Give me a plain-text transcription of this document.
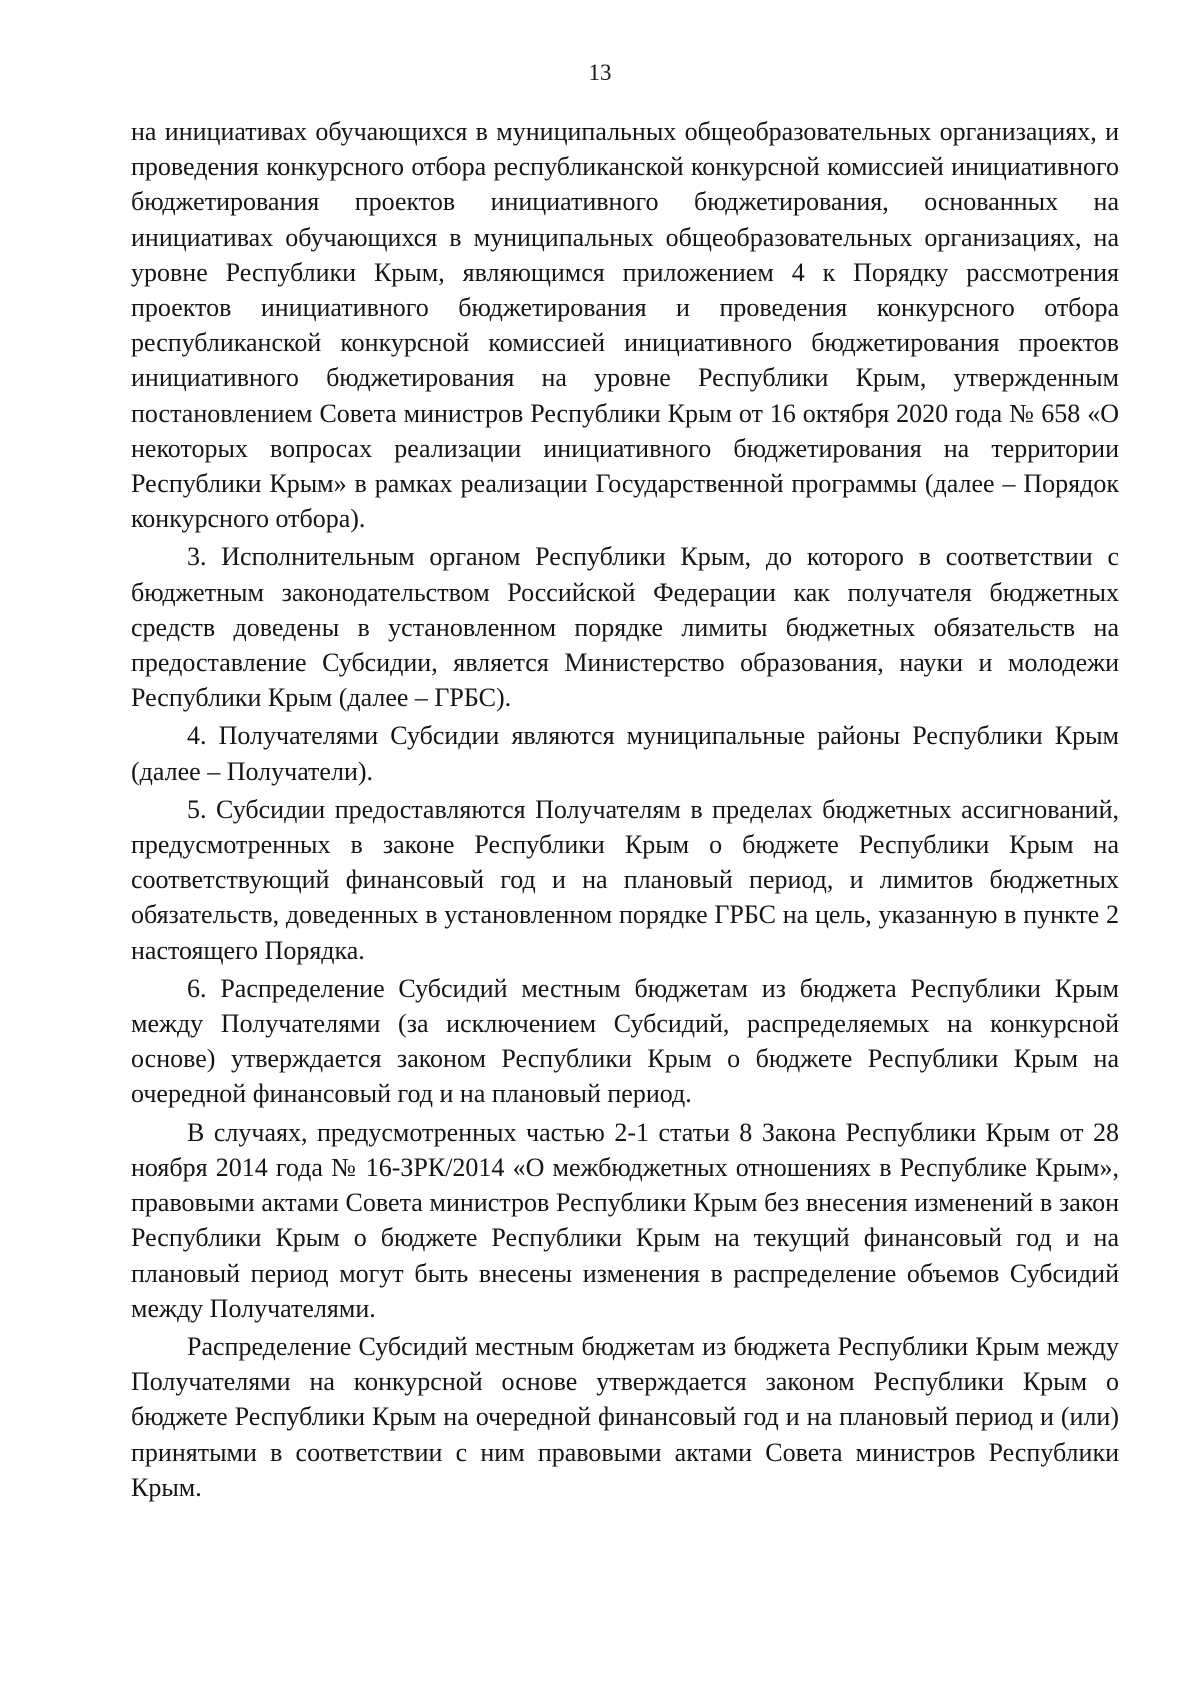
13

на инициативах обучающихся в муниципальных общеобразовательных организациях, и проведения конкурсного отбора республиканской конкурсной комиссией инициативного бюджетирования проектов инициативного бюджетирования, основанных на инициативах обучающихся в муниципальных общеобразовательных организациях, на уровне Республики Крым, являющимся приложением 4 к Порядку рассмотрения проектов инициативного бюджетирования и проведения конкурсного отбора республиканской конкурсной комиссией инициативного бюджетирования проектов инициативного бюджетирования на уровне Республики Крым, утвержденным постановлением Совета министров Республики Крым от 16 октября 2020 года № 658 «О некоторых вопросах реализации инициативного бюджетирования на территории Республики Крым» в рамках реализации Государственной программы (далее – Порядок конкурсного отбора).

3. Исполнительным органом Республики Крым, до которого в соответствии с бюджетным законодательством Российской Федерации как получателя бюджетных средств доведены в установленном порядке лимиты бюджетных обязательств на предоставление Субсидии, является Министерство образования, науки и молодежи Республики Крым (далее – ГРБС).

4. Получателями Субсидии являются муниципальные районы Республики Крым (далее – Получатели).

5. Субсидии предоставляются Получателям в пределах бюджетных ассигнований, предусмотренных в законе Республики Крым о бюджете Республики Крым на соответствующий финансовый год и на плановый период, и лимитов бюджетных обязательств, доведенных в установленном порядке ГРБС на цель, указанную в пункте 2 настоящего Порядка.

6. Распределение Субсидий местным бюджетам из бюджета Республики Крым между Получателями (за исключением Субсидий, распределяемых на конкурсной основе) утверждается законом Республики Крым о бюджете Республики Крым на очередной финансовый год и на плановый период.

В случаях, предусмотренных частью 2-1 статьи 8 Закона Республики Крым от 28 ноября 2014 года № 16-ЗРК/2014 «О межбюджетных отношениях в Республике Крым», правовыми актами Совета министров Республики Крым без внесения изменений в закон Республики Крым о бюджете Республики Крым на текущий финансовый год и на плановый период могут быть внесены изменения в распределение объемов Субсидий между Получателями.

Распределение Субсидий местным бюджетам из бюджета Республики Крым между Получателями на конкурсной основе утверждается законом Республики Крым о бюджете Республики Крым на очередной финансовый год и на плановый период и (или) принятыми в соответствии с ним правовыми актами Совета министров Республики Крым.
